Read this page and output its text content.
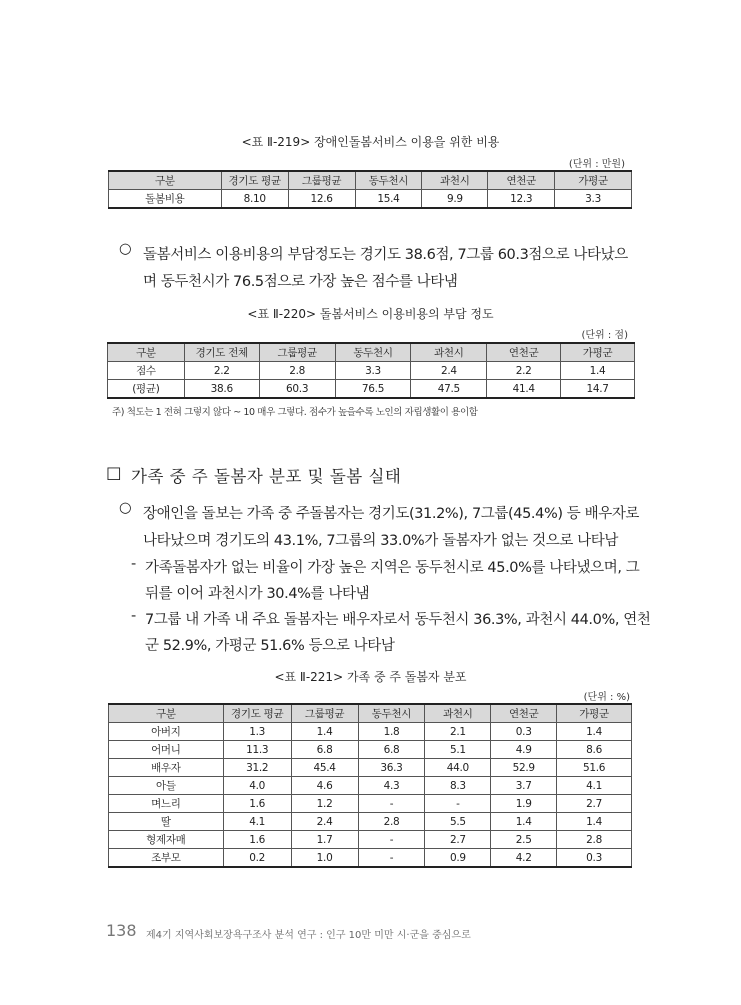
<표 Ⅱ-219> 장애인돌봄서비스 이용을 위한 비용
(단위 : 만원)
구분	경기도 평균	그룹평균	동두천시	과천시	연천군	가평군
돌봄비용	8.10	12.6	15.4	9.9	12.3	3.3
○ 돌봄서비스 이용비용의 부담정도는 경기도 38.6점, 7그룹 60.3점으로 나타났으
며 동두천시가 76.5점으로 가장 높은 점수를 나타냄
<표 Ⅱ-220> 돌봄서비스 이용비용의 부담 정도
(단위 : 점)
구분	경기도 전체	그룹평균	동두천시	과천시	연천군	가평군
점수	2.2	2.8	3.3	2.4	2.2	1.4
(평균)	38.6	60.3	76.5	47.5	41.4	14.7
주) 척도는 1 전혀 그렇지 않다 ~ 10 매우 그렇다. 점수가 높을수록 노인의 자립생활이 용이함
□ 가족 중 주 돌봄자 분포 및 돌봄 실태
○ 장애인을 돌보는 가족 중 주돌봄자는 경기도(31.2%), 7그룹(45.4%) 등 배우자로
나타났으며 경기도의 43.1%, 7그룹의 33.0%가 돌봄자가 없는 것으로 나타남
- 가족돌봄자가 없는 비율이 가장 높은 지역은 동두천시로 45.0%를 나타냈으며, 그
뒤를 이어 과천시가 30.4%를 나타냄
- 7그룹 내 가족 내 주요 돌봄자는 배우자로서 동두천시 36.3%, 과천시 44.0%, 연천
군 52.9%, 가평군 51.6% 등으로 나타남
<표 Ⅱ-221> 가족 중 주 돌봄자 분포
(단위 : %)
구분	경기도 평균	그룹평균	동두천시	과천시	연천군	가평군
아버지	1.3	1.4	1.8	2.1	0.3	1.4
어머니	11.3	6.8	6.8	5.1	4.9	8.6
배우자	31.2	45.4	36.3	44.0	52.9	51.6
아들	4.0	4.6	4.3	8.3	3.7	4.1
며느리	1.6	1.2	-	-	1.9	2.7
딸	4.1	2.4	2.8	5.5	1.4	1.4
형제자매	1.6	1.7	-	2.7	2.5	2.8
조부모	0.2	1.0	-	0.9	4.2	0.3
138 제4기 지역사회보장욕구조사 분석 연구 : 인구 10만 미만 시·군을 중심으로
